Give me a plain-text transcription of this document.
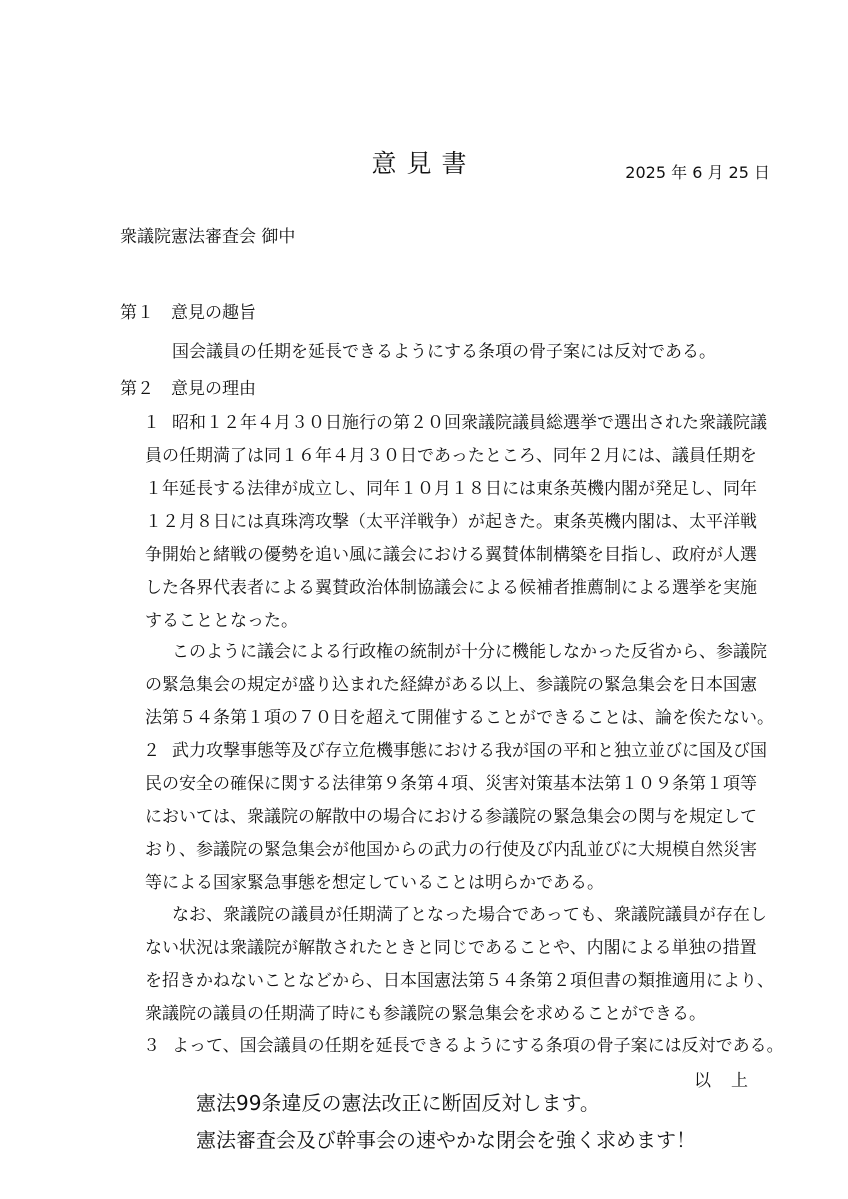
意見書	2025 年 6 月 25 日
衆議院憲法審査会 御中
第１　意見の趣旨
国会議員の任期を延長できるようにする条項の骨子案には反対である。
第２　意見の理由
１ 昭和１２年４月３０日施行の第２０回衆議院議員総選挙で選出された衆議院議
員の任期満了は同１６年４月３０日であったところ、同年２月には、議員任期を
１年延長する法律が成立し、同年１０月１８日には東条英機内閣が発足し、同年
１２月８日には真珠湾攻撃（太平洋戦争）が起きた。東条英機内閣は、太平洋戦
争開始と緒戦の優勢を追い風に議会における翼賛体制構築を目指し、政府が人選
した各界代表者による翼賛政治体制協議会による候補者推薦制による選挙を実施
することとなった。
このように議会による行政権の統制が十分に機能しなかった反省から、参議院
の緊急集会の規定が盛り込まれた経緯がある以上、参議院の緊急集会を日本国憲
法第５４条第１項の７０日を超えて開催することができることは、論を俟たない。
２ 武力攻撃事態等及び存立危機事態における我が国の平和と独立並びに国及び国
民の安全の確保に関する法律第９条第４項、災害対策基本法第１０９条第１項等
においては、衆議院の解散中の場合における参議院の緊急集会の関与を規定して
おり、参議院の緊急集会が他国からの武力の行使及び内乱並びに大規模自然災害
等による国家緊急事態を想定していることは明らかである。
なお、衆議院の議員が任期満了となった場合であっても、衆議院議員が存在し
ない状況は衆議院が解散されたときと同じであることや、内閣による単独の措置
を招きかねないことなどから、日本国憲法第５４条第２項但書の類推適用により、
衆議院の議員の任期満了時にも参議院の緊急集会を求めることができる。
３ よって、国会議員の任期を延長できるようにする条項の骨子案には反対である。
以上
憲法99条違反の憲法改正に断固反対します。
憲法審査会及び幹事会の速やかな閉会を強く求めます！
